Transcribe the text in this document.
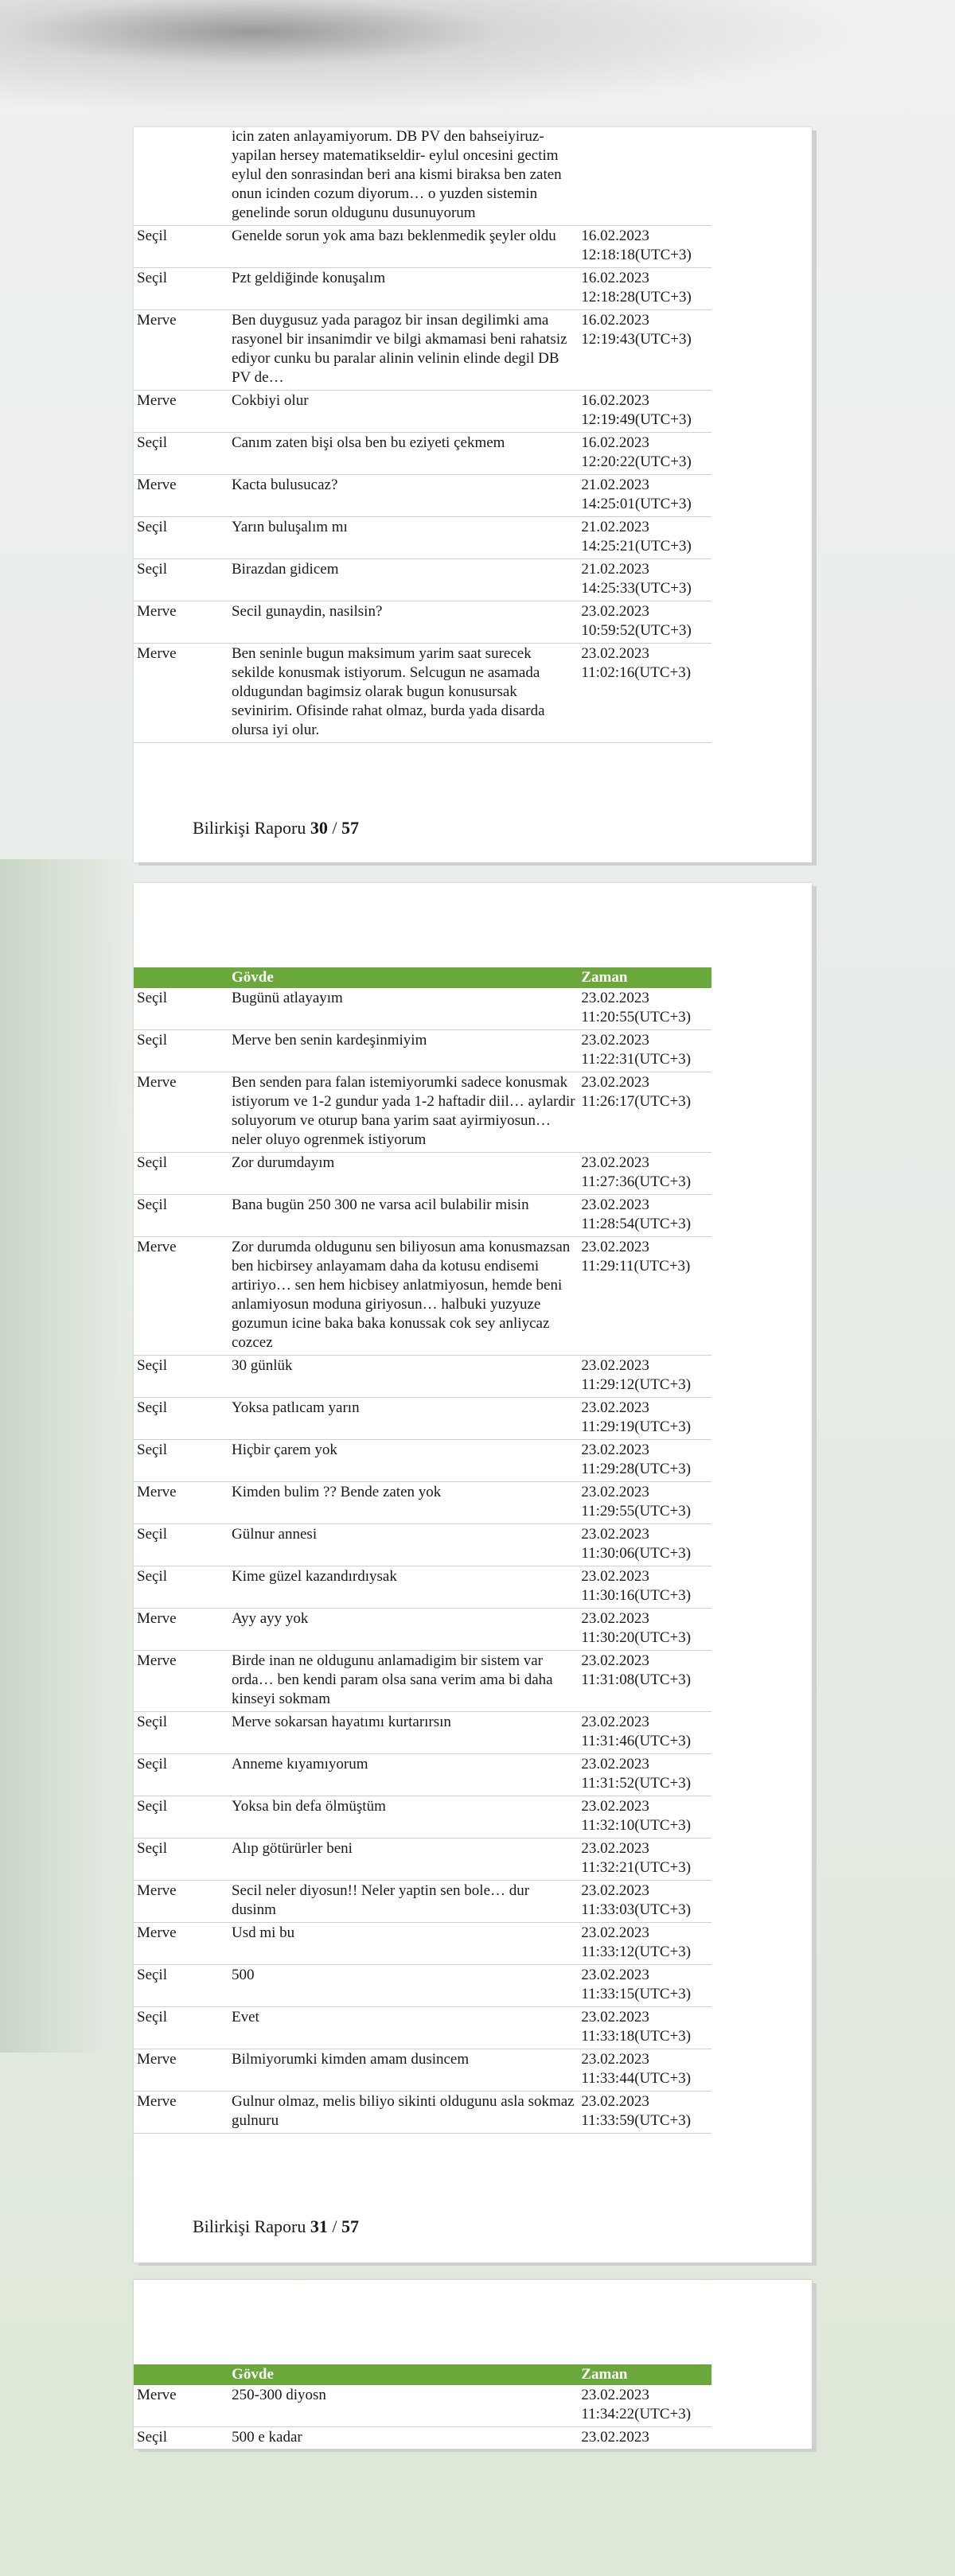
	icin zaten anlayamiyorum. DB PV den bahseiyiruz- yapilan hersey matematikseldir- eylul oncesini gectim eylul den sonrasindan beri ana kismi biraksa ben zaten onun icinden cozum diyorum… o yuzden sistemin genelinde sorun oldugunu dusunuyorum	
Seçil	Genelde sorun yok ama bazı beklenmedik şeyler oldu	16.02.2023
12:18:18(UTC+3)

Seçil	Pzt geldiğinde konuşalım	16.02.2023
12:18:28(UTC+3)

Merve	Ben duygusuz yada paragoz bir insan degilimki ama rasyonel bir insanimdir ve bilgi akmamasi beni rahatsiz ediyor cunku bu paralar alinin velinin elinde degil DB PV de…	16.02.2023
12:19:43(UTC+3)

Merve	Cokbiyi olur	16.02.2023
12:19:49(UTC+3)

Seçil	Canım zaten bişi olsa ben bu eziyeti çekmem	16.02.2023
12:20:22(UTC+3)

Merve	Kacta bulusucaz?	21.02.2023
14:25:01(UTC+3)

Seçil	Yarın buluşalım mı	21.02.2023
14:25:21(UTC+3)

Seçil	Birazdan gidicem	21.02.2023
14:25:33(UTC+3)

Merve	Secil gunaydin, nasilsin?	23.02.2023
10:59:52(UTC+3)

Merve	Ben seninle bugun maksimum yarim saat surecek sekilde konusmak istiyorum. Selcugun ne asamada oldugundan bagimsiz olarak bugun konusursak sevinirim. Ofisinde rahat olmaz, burda yada disarda olursa iyi olur.	23.02.2023
11:02:16(UTC+3)
Bilirkişi Raporu 30 / 57
	Gövde	Zaman
Seçil	Bugünü atlayayım	23.02.2023
11:20:55(UTC+3)

Seçil	Merve ben senin kardeşinmiyim	23.02.2023
11:22:31(UTC+3)

Merve	Ben senden para falan istemiyorumki sadece konusmak istiyorum ve 1-2 gundur yada 1-2 haftadir diil… aylardir soluyorum ve oturup bana yarim saat ayirmiyosun… neler oluyo ogrenmek istiyorum	23.02.2023
11:26:17(UTC+3)

Seçil	Zor durumdayım	23.02.2023
11:27:36(UTC+3)

Seçil	Bana bugün 250 300 ne varsa acil bulabilir misin	23.02.2023
11:28:54(UTC+3)

Merve	Zor durumda oldugunu sen biliyosun ama konusmazsan ben hicbirsey anlayamam daha da kotusu endisemi artiriyo… sen hem hicbisey anlatmiyosun, hemde beni anlamiyosun moduna giriyosun… halbuki yuzyuze gozumun icine baka baka konussak cok sey anliycaz cozcez	23.02.2023
11:29:11(UTC+3)

Seçil	30 günlük	23.02.2023
11:29:12(UTC+3)

Seçil	Yoksa patlıcam yarın	23.02.2023
11:29:19(UTC+3)

Seçil	Hiçbir çarem yok	23.02.2023
11:29:28(UTC+3)

Merve	Kimden bulim ?? Bende zaten yok	23.02.2023
11:29:55(UTC+3)

Seçil	Gülnur annesi	23.02.2023
11:30:06(UTC+3)

Seçil	Kime güzel kazandırdıysak	23.02.2023
11:30:16(UTC+3)

Merve	Ayy ayy yok	23.02.2023
11:30:20(UTC+3)

Merve	Birde inan ne oldugunu anlamadigim bir sistem var orda… ben kendi param olsa sana verim ama bi daha kinseyi sokmam	23.02.2023
11:31:08(UTC+3)

Seçil	Merve sokarsan hayatımı kurtarırsın	23.02.2023
11:31:46(UTC+3)

Seçil	Anneme kıyamıyorum	23.02.2023
11:31:52(UTC+3)

Seçil	Yoksa bin defa ölmüştüm	23.02.2023
11:32:10(UTC+3)

Seçil	Alıp götürürler beni	23.02.2023
11:32:21(UTC+3)

Merve	Secil neler diyosun!! Neler yaptin sen bole… dur dusinm	23.02.2023
11:33:03(UTC+3)

Merve	Usd mi bu	23.02.2023
11:33:12(UTC+3)

Seçil	500	23.02.2023
11:33:15(UTC+3)

Seçil	Evet	23.02.2023
11:33:18(UTC+3)

Merve	Bilmiyorumki kimden amam dusincem	23.02.2023
11:33:44(UTC+3)

Merve	Gulnur olmaz, melis biliyo sikinti oldugunu asla sokmaz gulnuru	23.02.2023
11:33:59(UTC+3)
Bilirkişi Raporu 31 / 57
	Gövde	Zaman
Merve	250-300 diyosn	23.02.2023
11:34:22(UTC+3)

Seçil	500 e kadar	23.02.2023
